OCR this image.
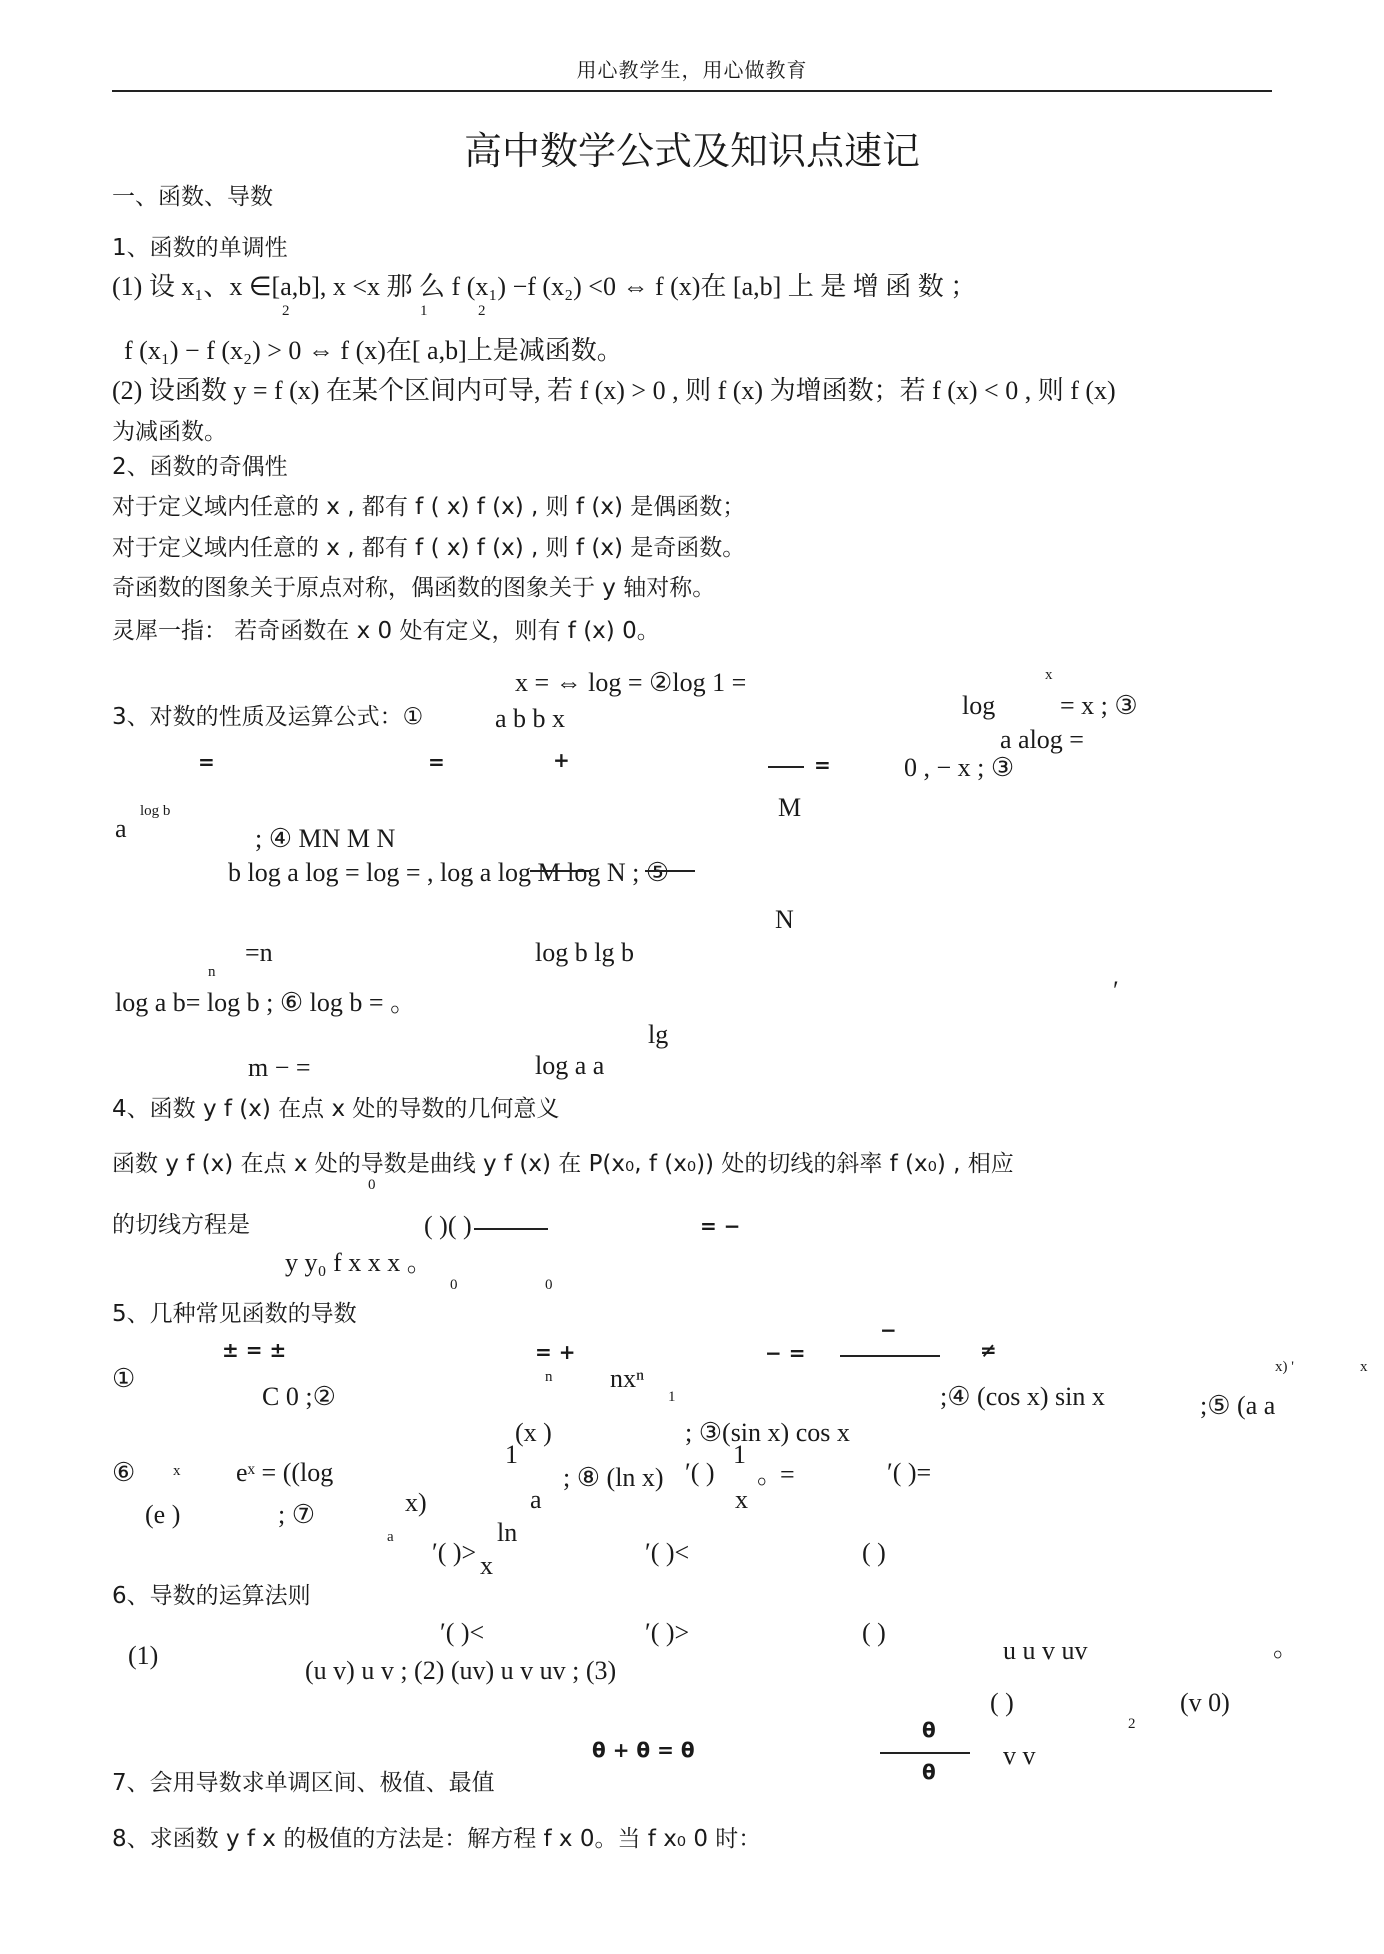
用心教学生，用心做教育
高中数学公式及知识点速记
一、函数、导数
1、函数的单调性
(1) 设 x₁、x ∈[a,b], x <x 那 么 f (x₁) −f (x₂) <0 ⇔ f (x)在 [a,b] 上 是 增 函 数 ；
2	1	2
f (x₁) − f (x₂) > 0 ⇔ f (x)在[ a,b]上是减函数。
(2) 设函数 y = f (x) 在某个区间内可导, 若 f (x) > 0 , 则 f (x) 为增函数；若 f (x) < 0 , 则 f (x)
为减函数。
2、函数的奇偶性
对于定义域内任意的 x , 都有 f ( x) f (x) , 则 f (x) 是偶函数；
对于定义域内任意的 x , 都有 f ( x) f (x) , 则 f (x) 是奇函数。
奇函数的图象关于原点对称，偶函数的图象关于 y 轴对称。
灵犀一指： 若奇函数在 x 0 处有定义，则有 f (x) 0。
x = ⇔ log = ②log 1 =	x
3、对数的性质及运算公式：①	a b b x	log = x ; ③
a alog =
=	=	+	=	0 , − x ; ③
M
a
log b
; ④ MN M N
b log a log = log = , log a log M log N ; ⑤
N
=n	log b lg b
n
log a b= log b ; ⑥ log b = 。	′
lg
m − =	log a a
4、函数 y f (x) 在点 x 处的导数的几何意义
函数 y f (x) 在点 x 处的导数是曲线 y f (x) 在 P(x₀, f (x₀)) 处的切线的斜率 f (x₀) , 相应
0
的切线方程是	( )( )	= −
y y₀ f x x x 。
0	0
5、几种常见函数的导数
± = ±	= +	− =
−
≠
①
C 0 ;②
nxⁿ
n
1	;④ (cos x) sin x	;⑤ (a a
x) '	x
(x )	; ③(sin x) cos x
⑥	x eˣ = ((log
1
; ⑧ (ln x)
1
′( ) 。
=	′( )=
(e )	; ⑦	x)	a	x
ln
a
′( )> x	′( )<	( )
6、导数的运算法则
′( )<	′( )>	( )
(1)	u u v uv	。
(u v) u v ; (2) (uv) u v uv ; (3)
( )	(v 0)
2
v v
θ + θ = θ
θ
θ
7、会用导数求单调区间、极值、最值
8、求函数 y f x 的极值的方法是：解方程 f x 0。当 f x₀ 0 时：
